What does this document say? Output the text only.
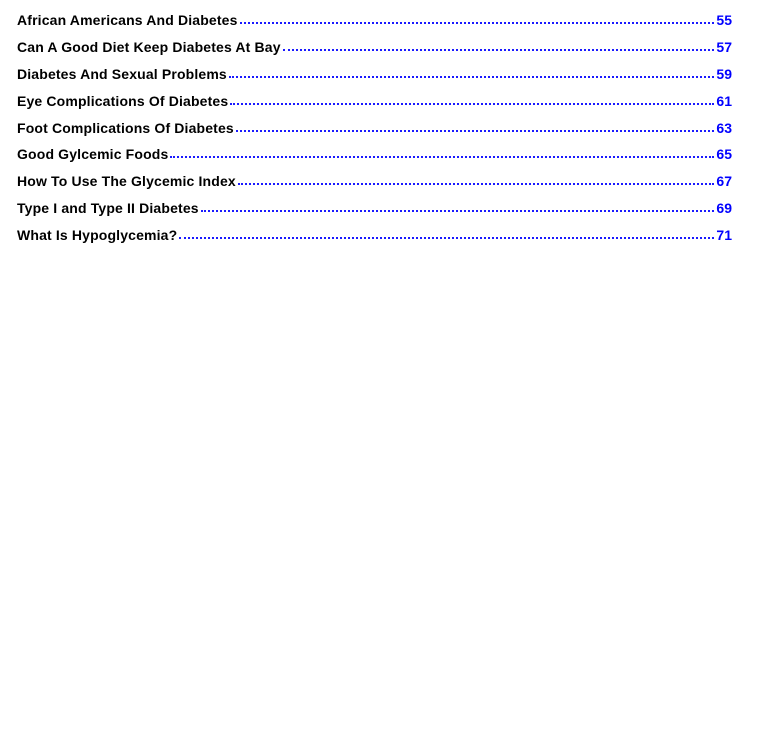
African Americans And Diabetes	55
Can A Good Diet Keep Diabetes At Bay	57
Diabetes And Sexual Problems	59
Eye Complications Of Diabetes	61
Foot Complications Of Diabetes	63
Good Gylcemic Foods	65
How To Use The Glycemic Index	67
Type I and Type II Diabetes	69
What Is Hypoglycemia?	71
